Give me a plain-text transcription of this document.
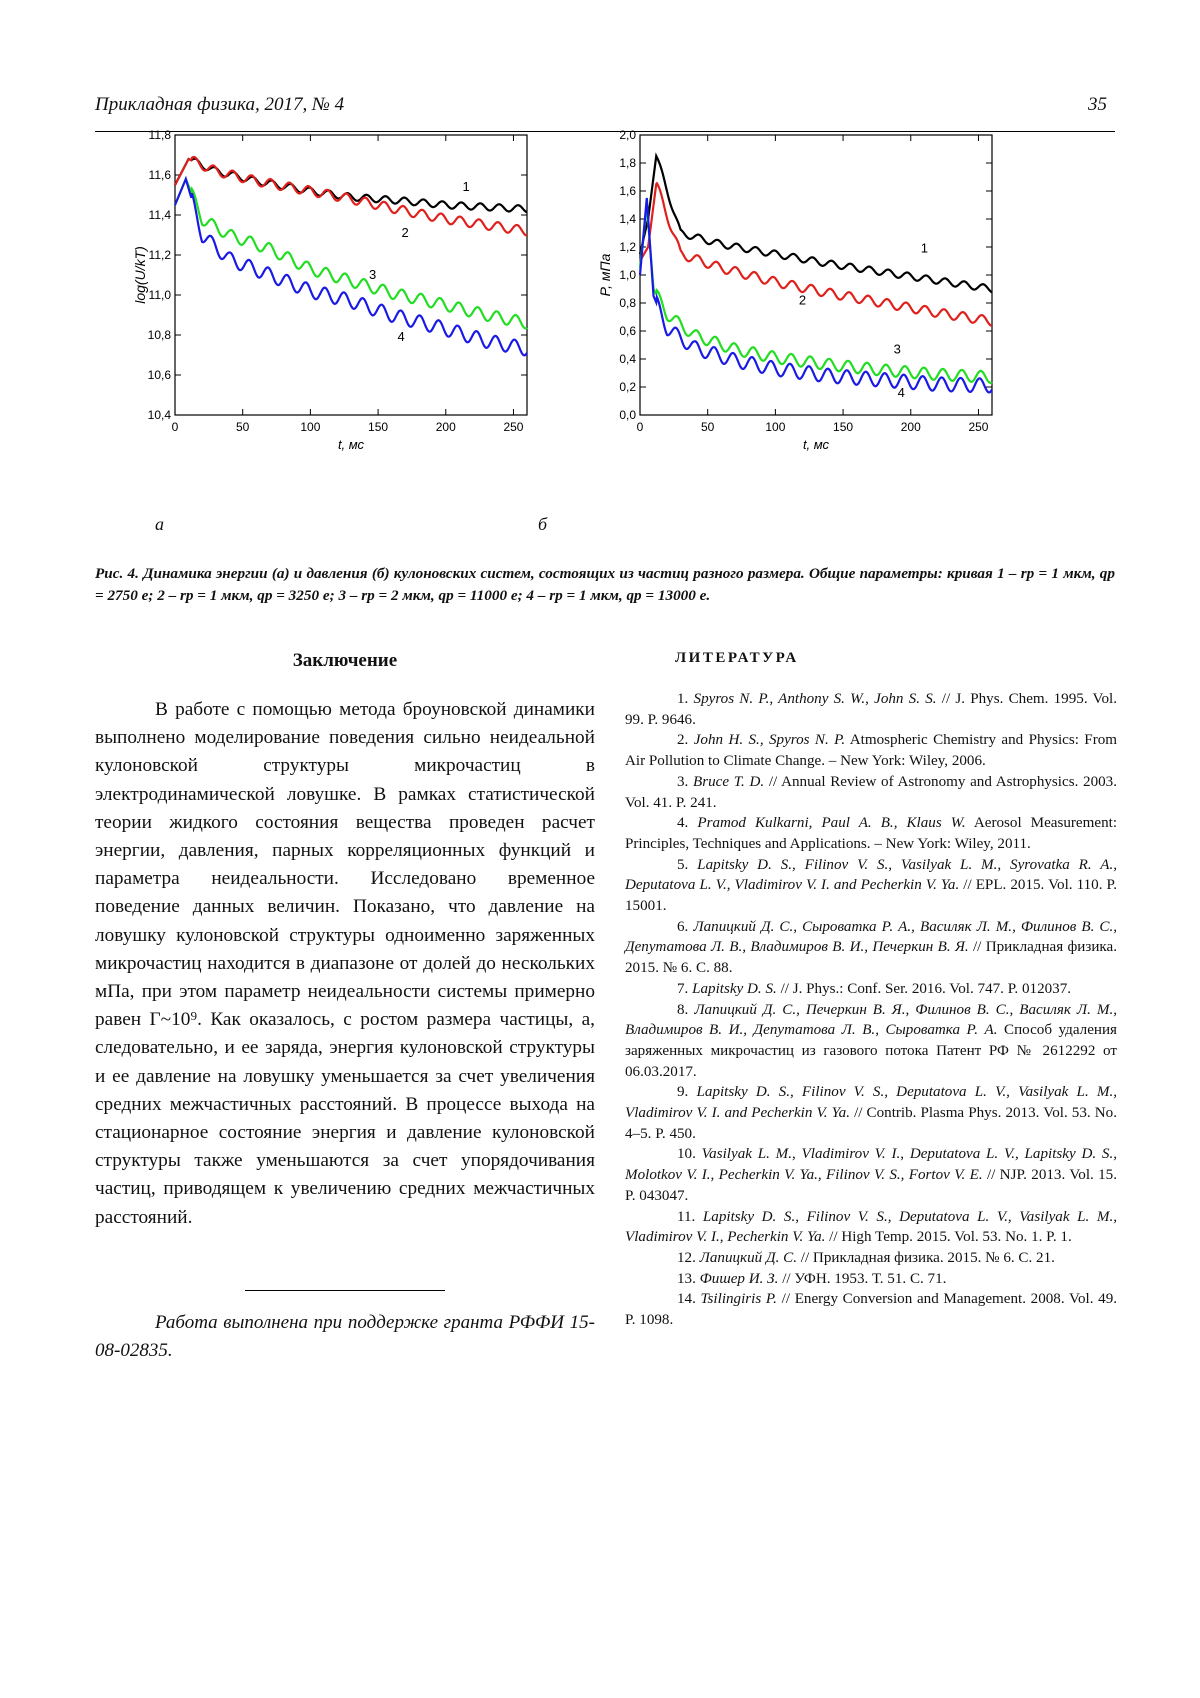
Прикладная физика, 2017, № 4	35
0	50	100	150	200	250
10,4
10,6
10,8
11,0
11,2
11,4
11,6
11,8
t, мс
log(U/kT)
1
2
3
4
0	50	100	150	200	250
0,0
0,2
0,4
0,6
0,8
1,0
1,2
1,4
1,6
1,8
2,0
t, мс
P, мПа
1
2
3
4
а	б
Рис. 4. Динамика энергии (а) и давления (б) кулоновских систем, состоящих из частиц разного размера. Общие параметры: кривая 1 – rp = 1 мкм, qp = 2750 e; 2 – rp = 1 мкм, qp = 3250 e; 3 – rp = 2 мкм, qp = 11000 e; 4 – rp = 1 мкм, qp = 13000 e.
Заключение

В работе с помощью метода броуновской динамики выполнено моделирование поведения сильно неидеальной кулоновской структуры микрочастиц в электродинамической ловушке. В рамках статистической теории жидкого состояния вещества проведен расчет энергии, давления, парных корреляционных функций и параметра неидеальности. Исследовано временное поведение данных величин. Показано, что давление на ловушку кулоновской структуры одноименно заряженных микрочастиц находится в диапазоне от долей до нескольких мПа, при этом параметр неидеальности системы примерно равен Γ~10⁹. Как оказалось, с ростом размера частицы, а, следовательно, и ее заряда, энергия кулоновской структуры и ее давление на ловушку уменьшается за счет увеличения средних межчастичных расстояний. В процессе выхода на стационарное состояние энергия и давление кулоновской структуры также уменьшаются за счет упорядочивания частиц, приводящем к увеличению средних межчастичных расстояний.

Работа выполнена при поддержке гранта РФФИ 15-08-02835.

ЛИТЕРАТУРА

1. Spyros N. P., Anthony S. W., John S. S. // J. Phys. Chem. 1995. Vol. 99. P. 9646.

2. John H. S., Spyros N. P. Atmospheric Chemistry and Physics: From Air Pollution to Climate Change. – New York: Wiley, 2006.

3. Bruce T. D. // Annual Review of Astronomy and Astrophysics. 2003. Vol. 41. P. 241.

4. Pramod Kulkarni, Paul A. B., Klaus W. Aerosol Measurement: Principles, Techniques and Applications. – New York: Wiley, 2011.

5. Lapitsky D. S., Filinov V. S., Vasilyak L. M., Syrovatka R. A., Deputatova L. V., Vladimirov V. I. and Pecherkin V. Ya. // EPL. 2015. Vol. 110. P. 15001.

6. Лапицкий Д. С., Сыроватка Р. А., Василяк Л. М., Филинов В. С., Депутатова Л. В., Владимиров В. И., Печеркин В. Я. // Прикладная физика. 2015. № 6. С. 88.

7. Lapitsky D. S. // J. Phys.: Conf. Ser. 2016. Vol. 747. P. 012037.

8. Лапицкий Д. С., Печеркин В. Я., Филинов В. С., Василяк Л. М., Владимиров В. И., Депутатова Л. В., Сыроватка Р. А. Способ удаления заряженных микрочастиц из газового потока Патент РФ № 2612292 от 06.03.2017.

9. Lapitsky D. S., Filinov V. S., Deputatova L. V., Vasilyak L. M., Vladimirov V. I. and Pecherkin V. Ya. // Contrib. Plasma Phys. 2013. Vol. 53. No. 4–5. P. 450.

10. Vasilyak L. M., Vladimirov V. I., Deputatova L. V., Lapitsky D. S., Molotkov V. I., Pecherkin V. Ya., Filinov V. S., Fortov V. E. // NJP. 2013. Vol. 15. P. 043047.

11. Lapitsky D. S., Filinov V. S., Deputatova L. V., Vasilyak L. M., Vladimirov V. I., Pecherkin V. Ya. // High Temp. 2015. Vol. 53. No. 1. P. 1.

12. Лапицкий Д. С. // Прикладная физика. 2015. № 6. С. 21.

13. Фишер И. З. // УФН. 1953. Т. 51. С. 71.

14. Tsilingiris P. // Energy Conversion and Management. 2008. Vol. 49. P. 1098.
